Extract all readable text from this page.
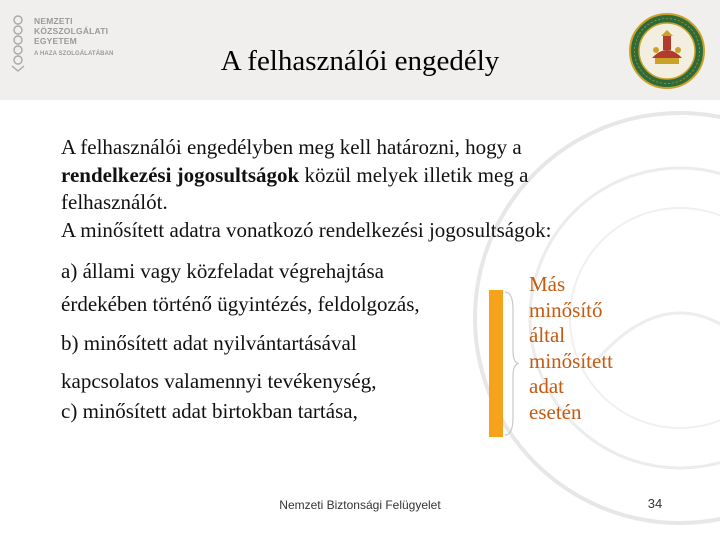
NEMZETI
KÖZSZOLGÁLATI
EGYETEM
A HAZA SZOLGÁLATÁBAN	A felhasználói engedély
A felhasználói engedélyben meg kell határozni, hogy a
rendelkezési jogosultságok közül melyek illetik meg a
felhasználót.
A minősített adatra vonatkozó rendelkezési jogosultságok:
a) állami vagy közfeladat végrehajtása
érdekében történő ügyintézés, feldolgozás,
b) minősített adat nyilvántartásával
kapcsolatos valamennyi tevékenység,
c) minősített adat birtokban tartása,
Más
minősítő
által
minősített
adat
esetén
Nemzeti Biztonsági Felügyelet	34
